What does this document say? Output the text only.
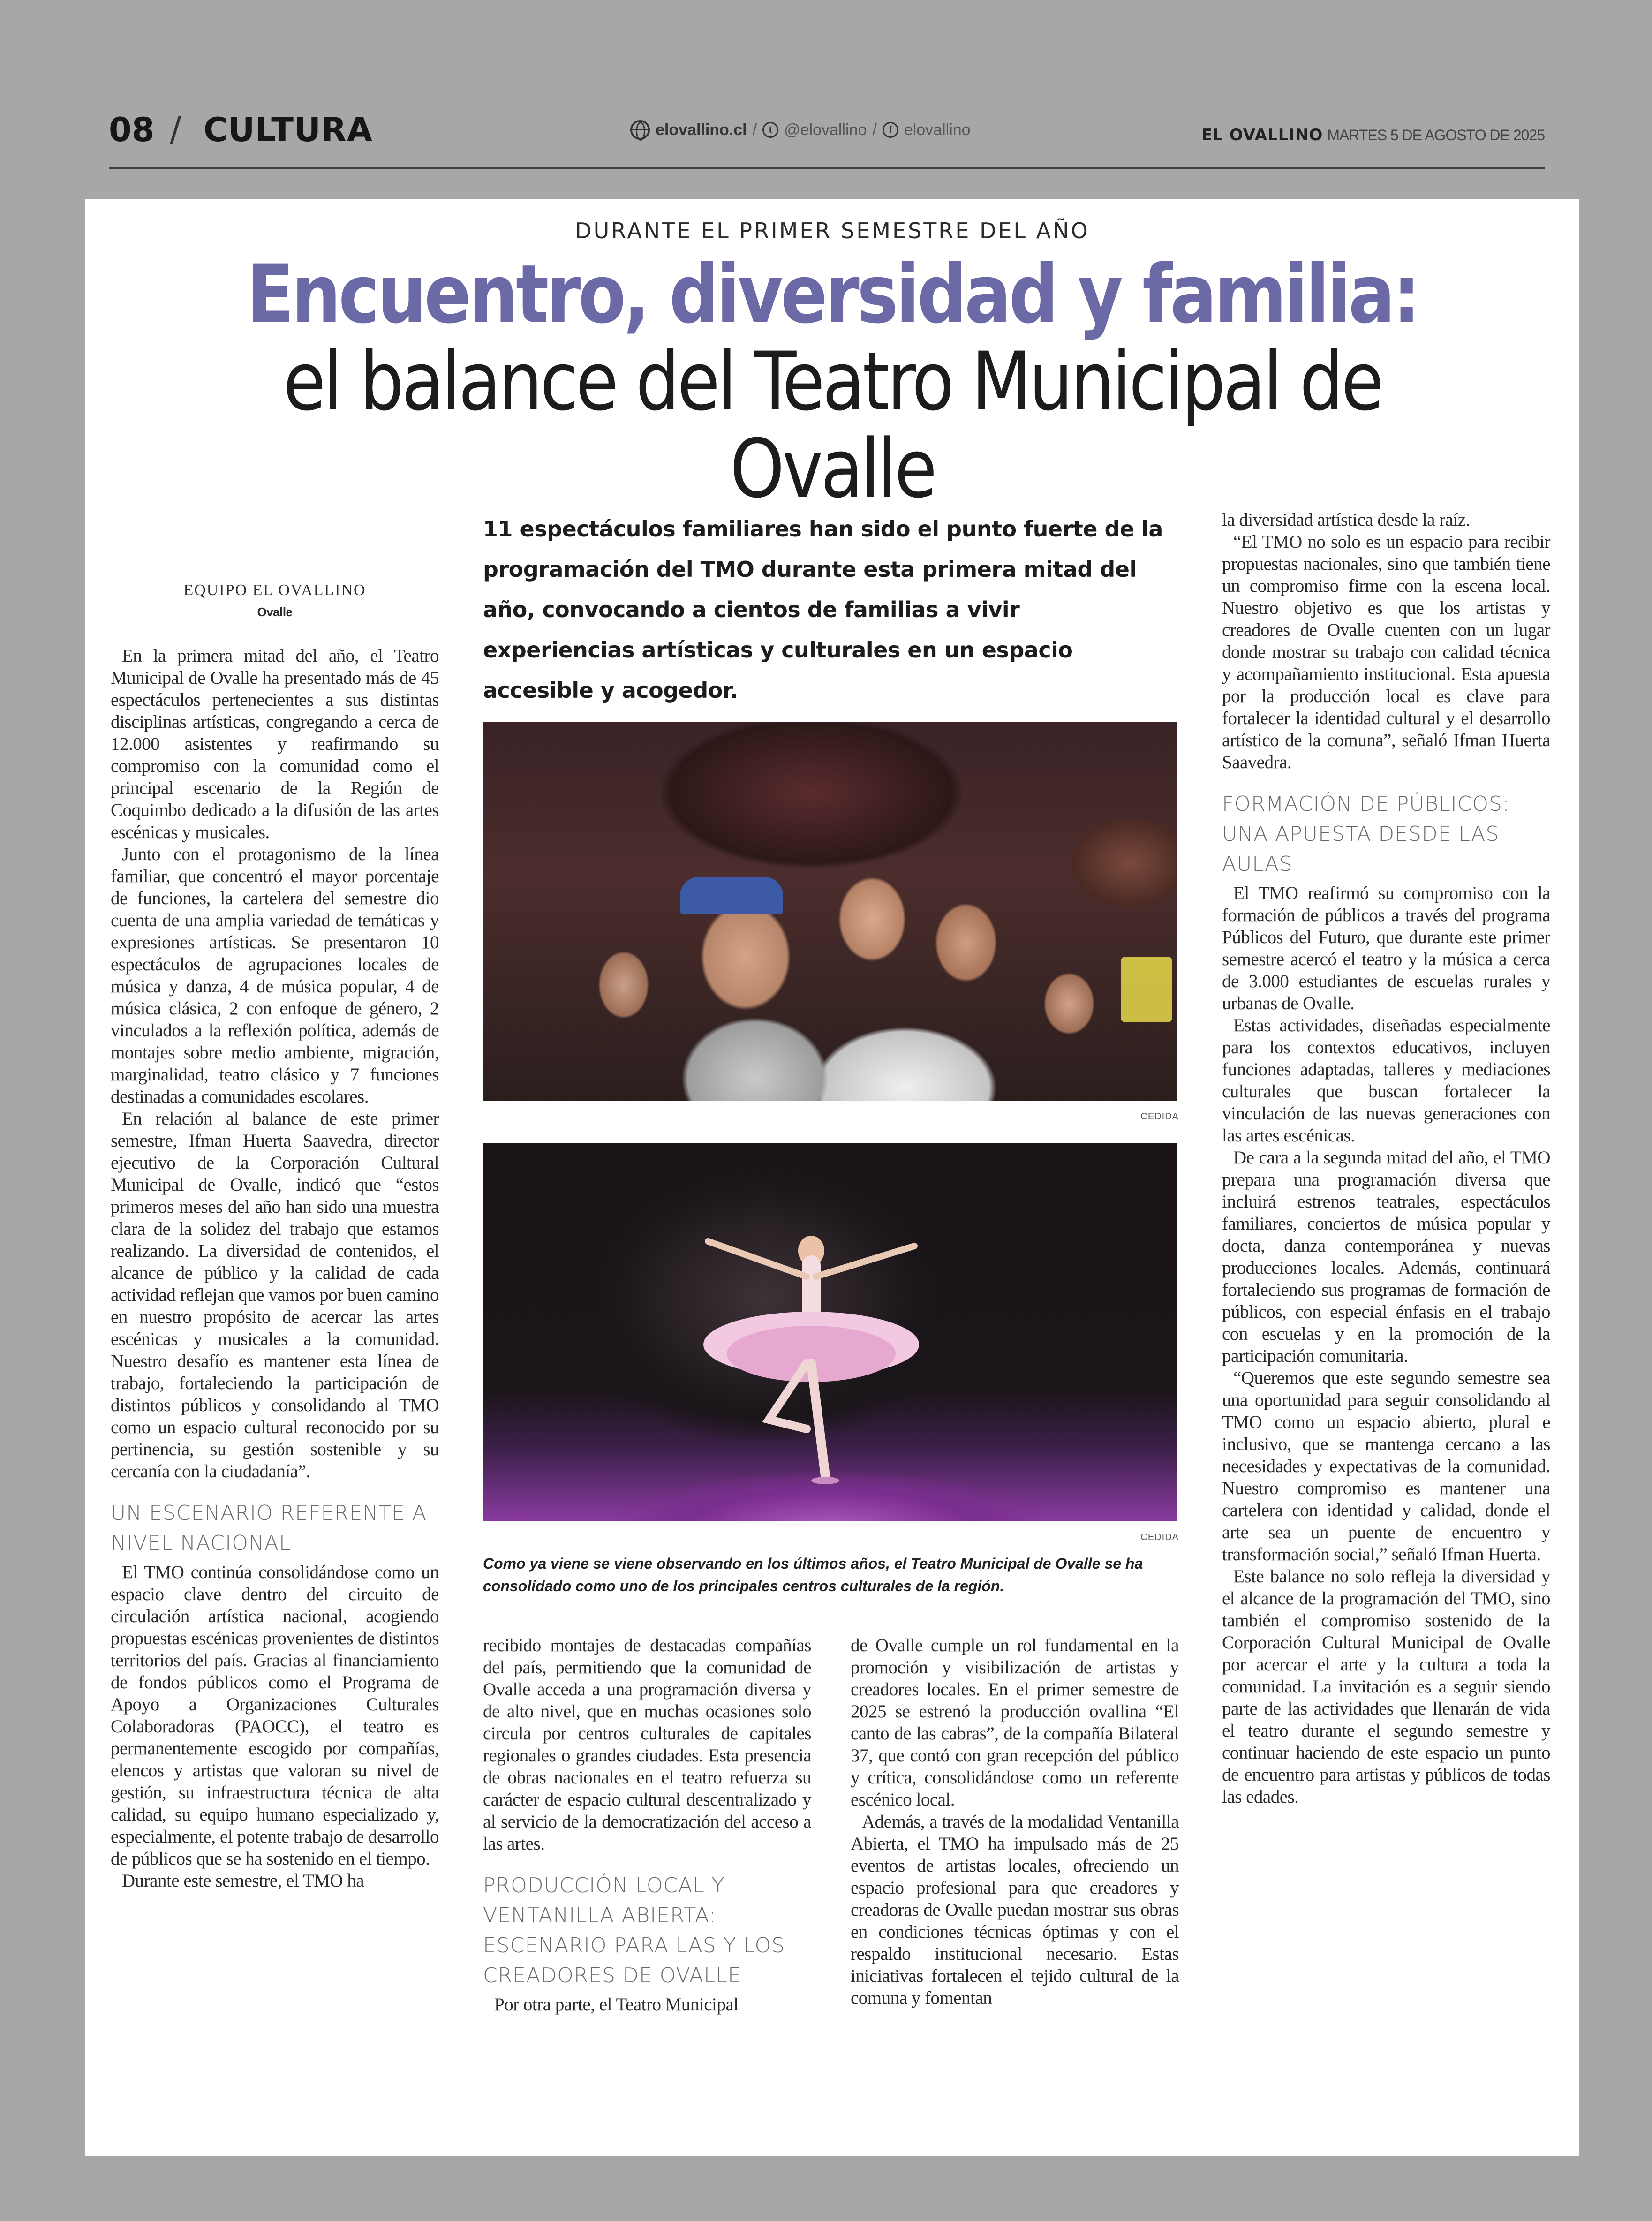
08 / CULTURA	elovallino.cl /	t @elovallino /	f elovallino	EL OVALLINO MARTES 5 DE AGOSTO DE 2025
DURANTE EL PRIMER SEMESTRE DEL AÑO
Encuentro, diversidad y familia: el balance del Teatro Municipal de Ovalle
EQUIPO EL OVALLINO
Ovalle

En la primera mitad del año, el Teatro Municipal de Ovalle ha presentado más de 45 espectáculos pertenecientes a sus distintas disciplinas artísticas, congregando a cerca de 12.000 asistentes y reafirmando su compromiso con la comunidad como el principal escenario de la Región de Coquimbo dedicado a la difusión de las artes escénicas y musicales.

Junto con el protagonismo de la línea familiar, que concentró el mayor porcentaje de funciones, la cartelera del semestre dio cuenta de una amplia variedad de temáticas y expresiones artísticas. Se presentaron 10 espectáculos de agrupaciones locales de música y danza, 4 de música popular, 4 de música clásica, 2 con enfoque de género, 2 vinculados a la reflexión política, además de montajes sobre medio ambiente, migración, marginalidad, teatro clásico y 7 funciones destinadas a comunidades escolares.

En relación al balance de este primer semestre, Ifman Huerta Saavedra, director ejecutivo de la Corporación Cultural Municipal de Ovalle, indicó que “estos primeros meses del año han sido una muestra clara de la solidez del trabajo que estamos realizando. La diversidad de contenidos, el alcance de público y la calidad de cada actividad reflejan que vamos por buen camino en nuestro propósito de acercar las artes escénicas y musicales a la comunidad. Nuestro desafío es mantener esta línea de trabajo, fortaleciendo la participación de distintos públicos y consolidando al TMO como un espacio cultural reconocido por su pertinencia, su gestión sostenible y su cercanía con la ciudadanía”.

UN ESCENARIO REFERENTE A NIVEL NACIONAL

El TMO continúa consolidándose como un espacio clave dentro del circuito de circulación artística nacional, acogiendo propuestas escénicas provenientes de distintos territorios del país. Gracias al financiamiento de fondos públicos como el Programa de Apoyo a Organizaciones Culturales Colaboradoras (PAOCC), el teatro es permanentemente escogido por compañías, elencos y artistas que valoran su nivel de gestión, su infraestructura técnica de alta calidad, su equipo humano especializado y, especialmente, el potente trabajo de desarrollo de públicos que se ha sostenido en el tiempo.

Durante este semestre, el TMO ha

11 espectáculos familiares han sido el punto fuerte de la programación del TMO durante esta primera mitad del año, convocando a cientos de familias a vivir experiencias artísticas y culturales en un espacio accesible y acogedor.
CEDIDA
CEDIDA
Como ya viene se viene observando en los últimos años, el Teatro Municipal de Ovalle se ha consolidado como uno de los principales centros culturales de la región.

recibido montajes de destacadas compañías del país, permitiendo que la comunidad de Ovalle acceda a una programación diversa y de alto nivel, que en muchas ocasiones solo circula por centros culturales de capitales regionales o grandes ciudades. Esta presencia de obras nacionales en el teatro refuerza su carácter de espacio cultural descentralizado y al servicio de la democratización del acceso a las artes.

PRODUCCIÓN LOCAL Y VENTANILLA ABIERTA: ESCENARIO PARA LAS Y LOS CREADORES DE OVALLE

Por otra parte, el Teatro Municipal

de Ovalle cumple un rol fundamental en la promoción y visibilización de artistas y creadores locales. En el primer semestre de 2025 se estrenó la producción ovallina “El canto de las cabras”, de la compañía Bilateral 37, que contó con gran recepción del público y crítica, consolidándose como un referente escénico local.

Además, a través de la modalidad Ventanilla Abierta, el TMO ha impulsado más de 25 eventos de artistas locales, ofreciendo un espacio profesional para que creadores y creadoras de Ovalle puedan mostrar sus obras en condiciones técnicas óptimas y con el respaldo institucional necesario. Estas iniciativas fortalecen el tejido cultural de la comuna y fomentan

la diversidad artística desde la raíz.

“El TMO no solo es un espacio para recibir propuestas nacionales, sino que también tiene un compromiso firme con la escena local. Nuestro objetivo es que los artistas y creadores de Ovalle cuenten con un lugar donde mostrar su trabajo con calidad técnica y acompañamiento institucional. Esta apuesta por la producción local es clave para fortalecer la identidad cultural y el desarrollo artístico de la comuna”, señaló Ifman Huerta Saavedra.

FORMACIÓN DE PÚBLICOS: UNA APUESTA DESDE LAS AULAS

El TMO reafirmó su compromiso con la formación de públicos a través del programa Públicos del Futuro, que durante este primer semestre acercó el teatro y la música a cerca de 3.000 estudiantes de escuelas rurales y urbanas de Ovalle.

Estas actividades, diseñadas especialmente para los contextos educativos, incluyen funciones adaptadas, talleres y mediaciones culturales que buscan fortalecer la vinculación de las nuevas generaciones con las artes escénicas.

De cara a la segunda mitad del año, el TMO prepara una programación diversa que incluirá estrenos teatrales, espectáculos familiares, conciertos de música popular y docta, danza contemporánea y nuevas producciones locales. Además, continuará fortaleciendo sus programas de formación de públicos, con especial énfasis en el trabajo con escuelas y en la promoción de la participación comunitaria.

“Queremos que este segundo semestre sea una oportunidad para seguir consolidando al TMO como un espacio abierto, plural e inclusivo, que se mantenga cercano a las necesidades y expectativas de la comunidad. Nuestro compromiso es mantener una cartelera con identidad y calidad, donde el arte sea un puente de encuentro y transformación social,” señaló Ifman Huerta.

Este balance no solo refleja la diversidad y el alcance de la programación del TMO, sino también el compromiso sostenido de la Corporación Cultural Municipal de Ovalle por acercar el arte y la cultura a toda la comunidad. La invitación es a seguir siendo parte de las actividades que llenarán de vida el teatro durante el segundo semestre y continuar haciendo de este espacio un punto de encuentro para artistas y públicos de todas las edades.
